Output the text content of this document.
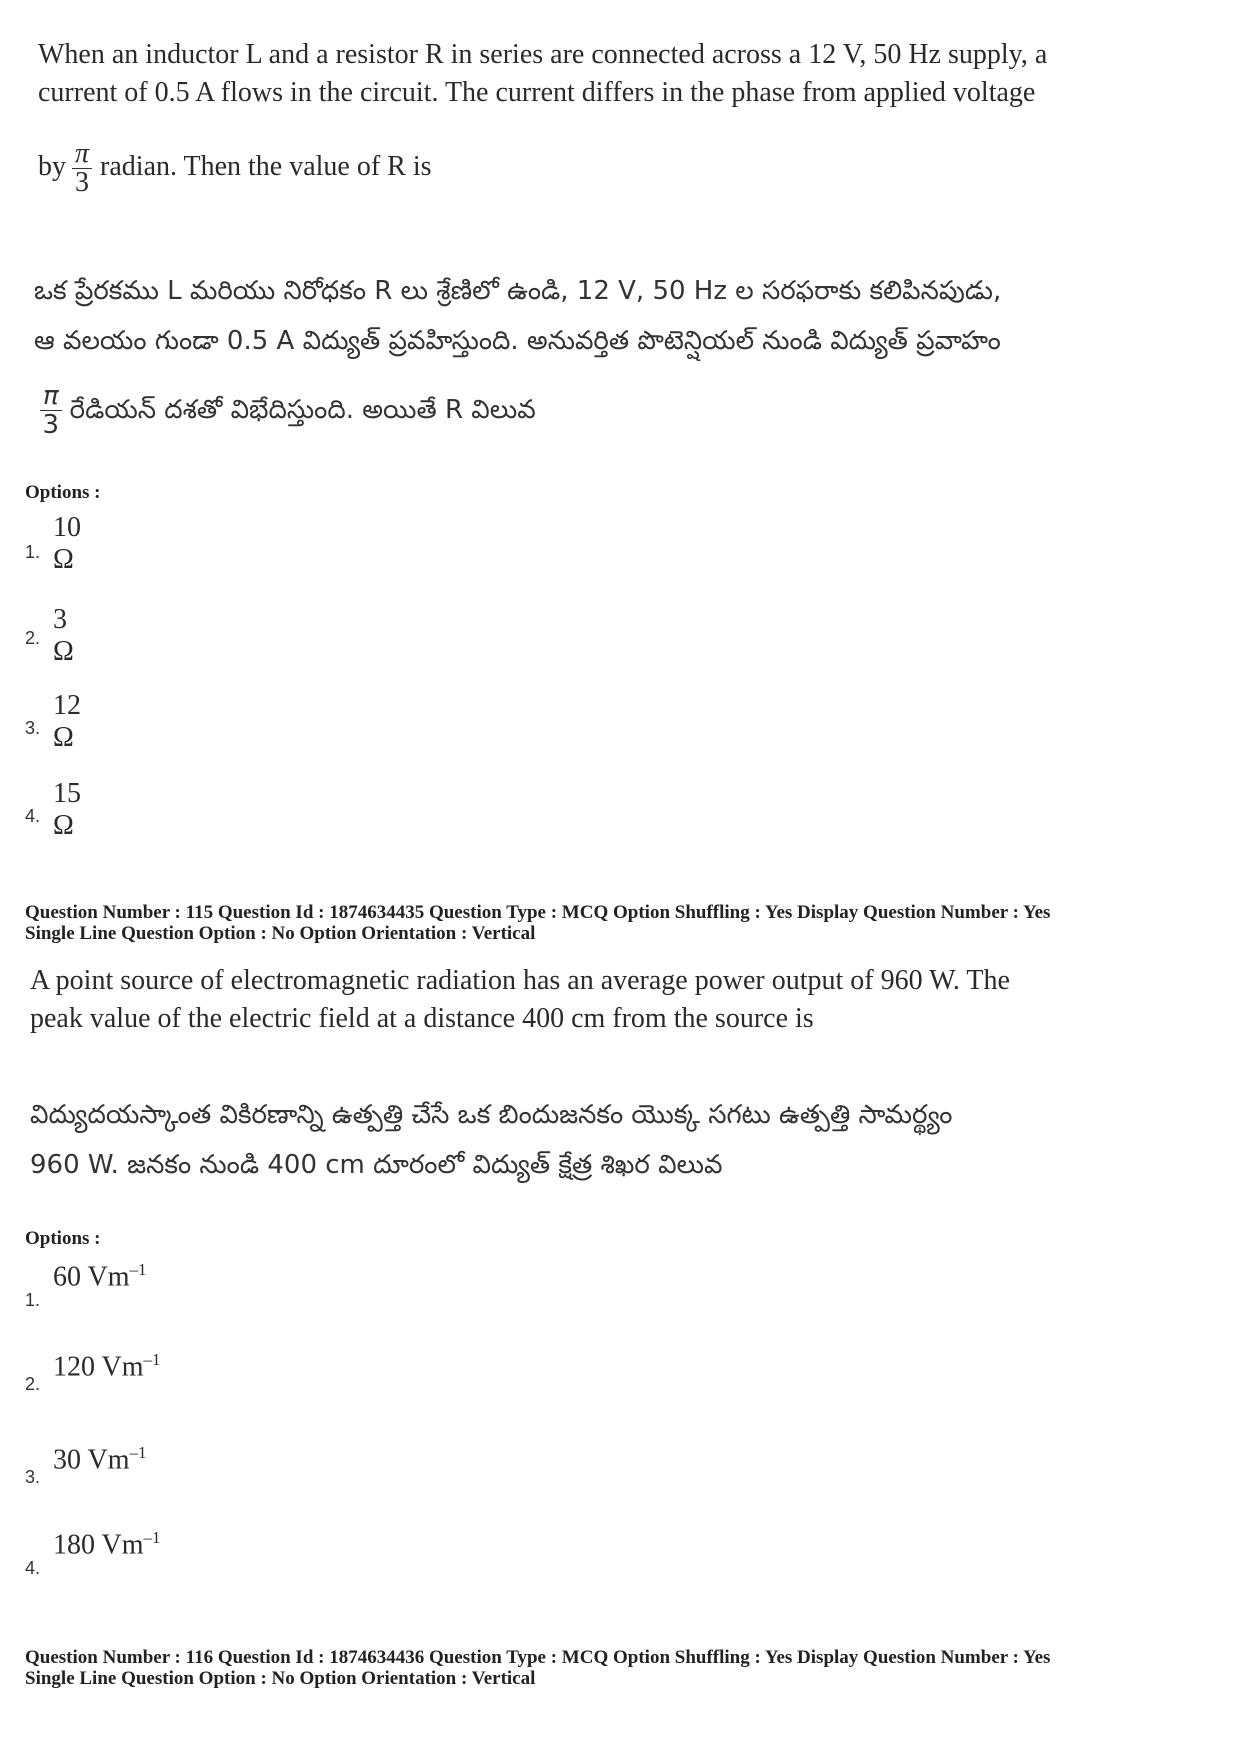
When an inductor L and a resistor R in series are connected across a 12 V, 50 Hz supply, a
current of 0.5 A flows in the circuit. The current differs in the phase from applied voltage
by $\frac{\pi}{3}$ radian. Then the value of R is
ఒక ప్రేరకము L మరియు నిరోధకం R లు శ్రేణిలో ఉండి, 12 V, 50 Hz ల సరఫరాకు కలిపినపుడు,
ఆ వలయం గుండా 0.5 A విద్యుత్ ప్రవహిస్తుంది. అనువర్తిత పొటెన్షియల్ నుండి విద్యుత్ ప్రవాహం
$\frac{\pi}{3}$ రేడియన్ దశతో విభేదిస్తుంది. అయితే R విలువ
Options :
10 Ω
1.
3 Ω
2.
12 Ω
3.
15 Ω
4.
Question Number : 115 Question Id : 1874634435 Question Type : MCQ Option Shuffling : Yes Display Question Number : Yes
Single Line Question Option : No Option Orientation : Vertical
A point source of electromagnetic radiation has an average power output of 960 W. The
peak value of the electric field at a distance 400 cm from the source is
విద్యుదయస్కాంత వికిరణాన్ని ఉత్పత్తి చేసే ఒక బిందుజనకం యొక్క సగటు ఉత్పత్తి సామర్థ్యం
960 W. జనకం నుండి 400 cm దూరంలో విద్యుత్ క్షేత్ర శిఖర విలువ
Options :
60 $Vm^{-1}$
1.
120 $Vm^{-1}$
2.
30 $Vm^{-1}$
3.
180 $Vm^{-1}$
4.
Question Number : 116 Question Id : 1874634436 Question Type : MCQ Option Shuffling : Yes Display Question Number : Yes
Single Line Question Option : No Option Orientation : Vertical
